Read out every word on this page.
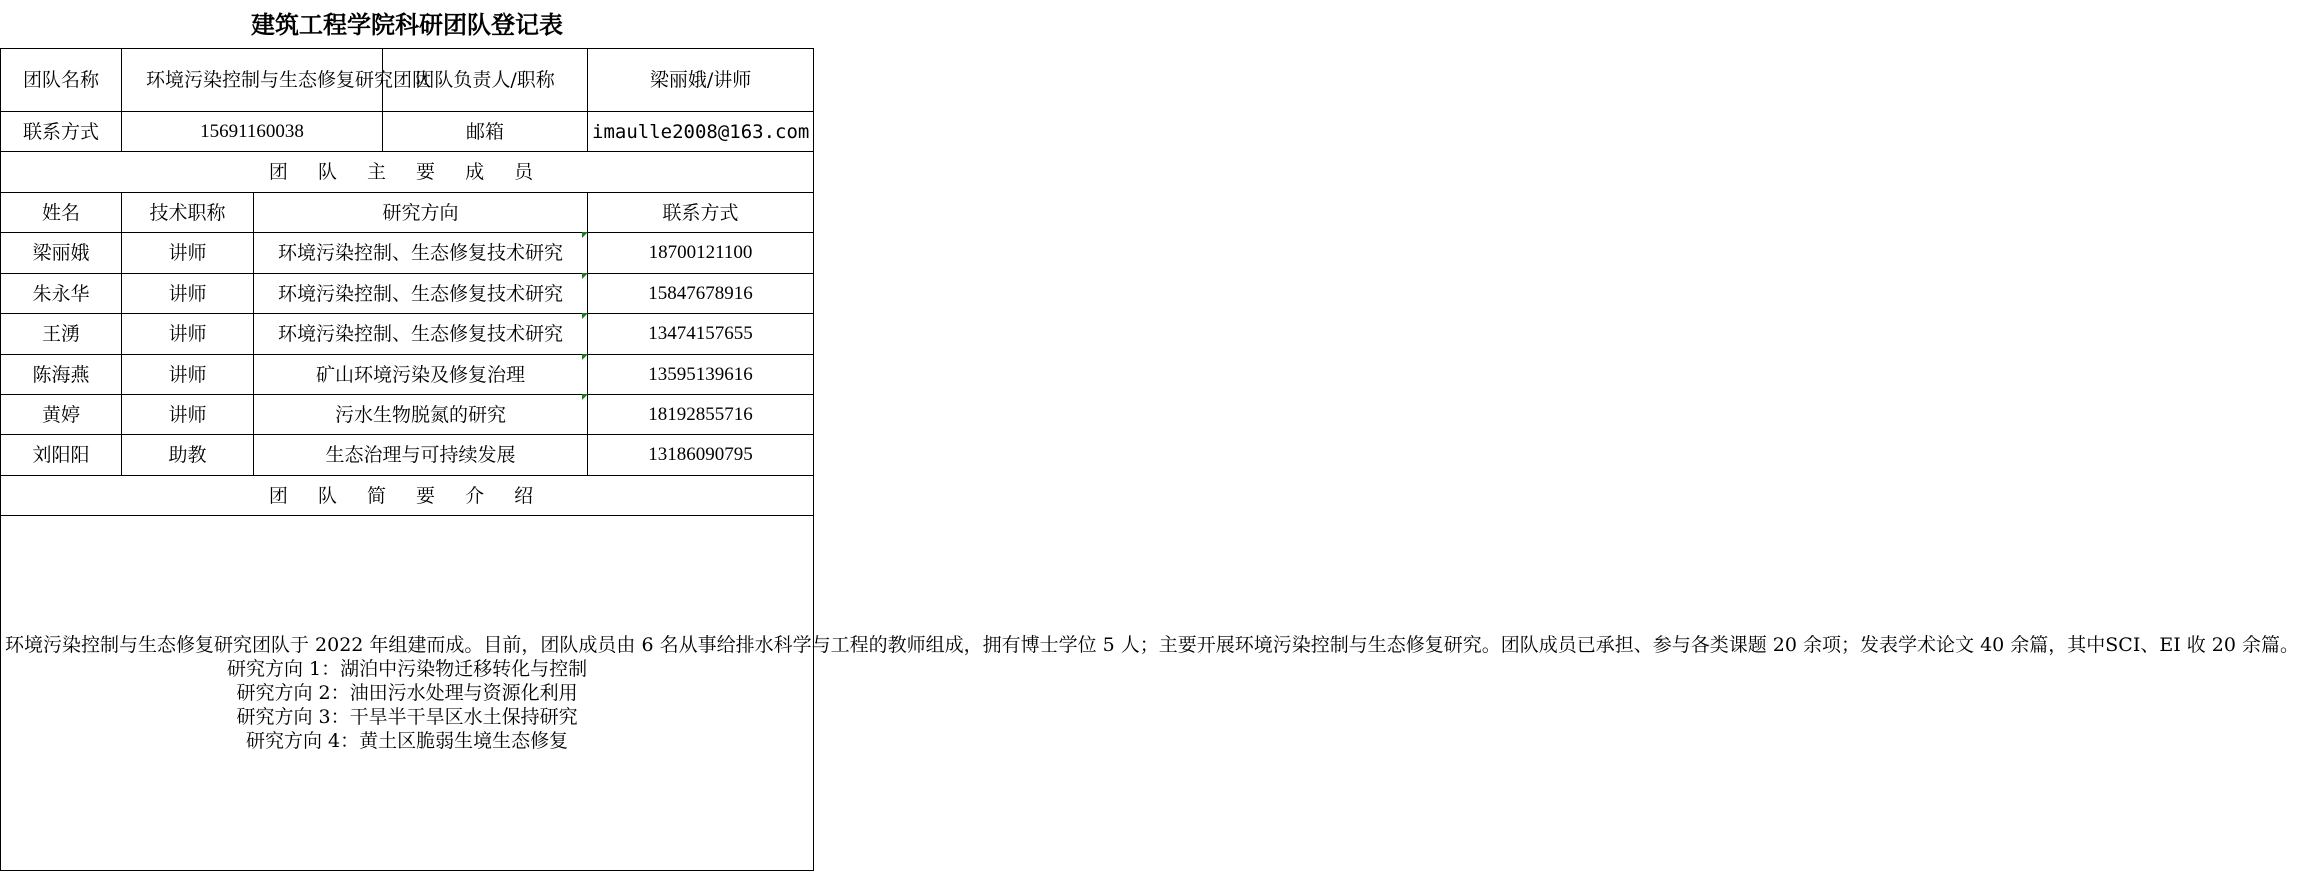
建筑工程学院科研团队登记表
团队名称	环境污染控制与生态修复研究团队		团队负责人/职称	梁丽娥/讲师
联系方式	15691160038		邮箱	imaulle2008@163.com
团 队 主 要 成 员				
姓名	技术职称	研究方向		联系方式
梁丽娥	讲师	环境污染控制、生态修复技术研究		18700121100
朱永华	讲师	环境污染控制、生态修复技术研究		15847678916
王湧	讲师	环境污染控制、生态修复技术研究		13474157655
陈海燕	讲师	矿山环境污染及修复治理		13595139616
黄婷	讲师	污水生物脱氮的研究		18192855716
刘阳阳	助教	生态治理与可持续发展		13186090795
团 队 简 要 介 绍				

环境污染控制与生态修复研究团队于 2022 年组建而成。目前，团队成员由 6 名从事给排水科学与工程的教师组成，拥有博士学位 5 人；主要开展环境污染控制与生态修复研究。团队成员已承担、参与各类课题 20 余项；发表学术论文 40 余篇，其中SCI、EI 收 20 余篇。

研究方向 1：湖泊中污染物迁移转化与控制

研究方向 2：油田污水处理与资源化利用

研究方向 3：干旱半干旱区水土保持研究

研究方向 4：黄土区脆弱生境生态修复				
